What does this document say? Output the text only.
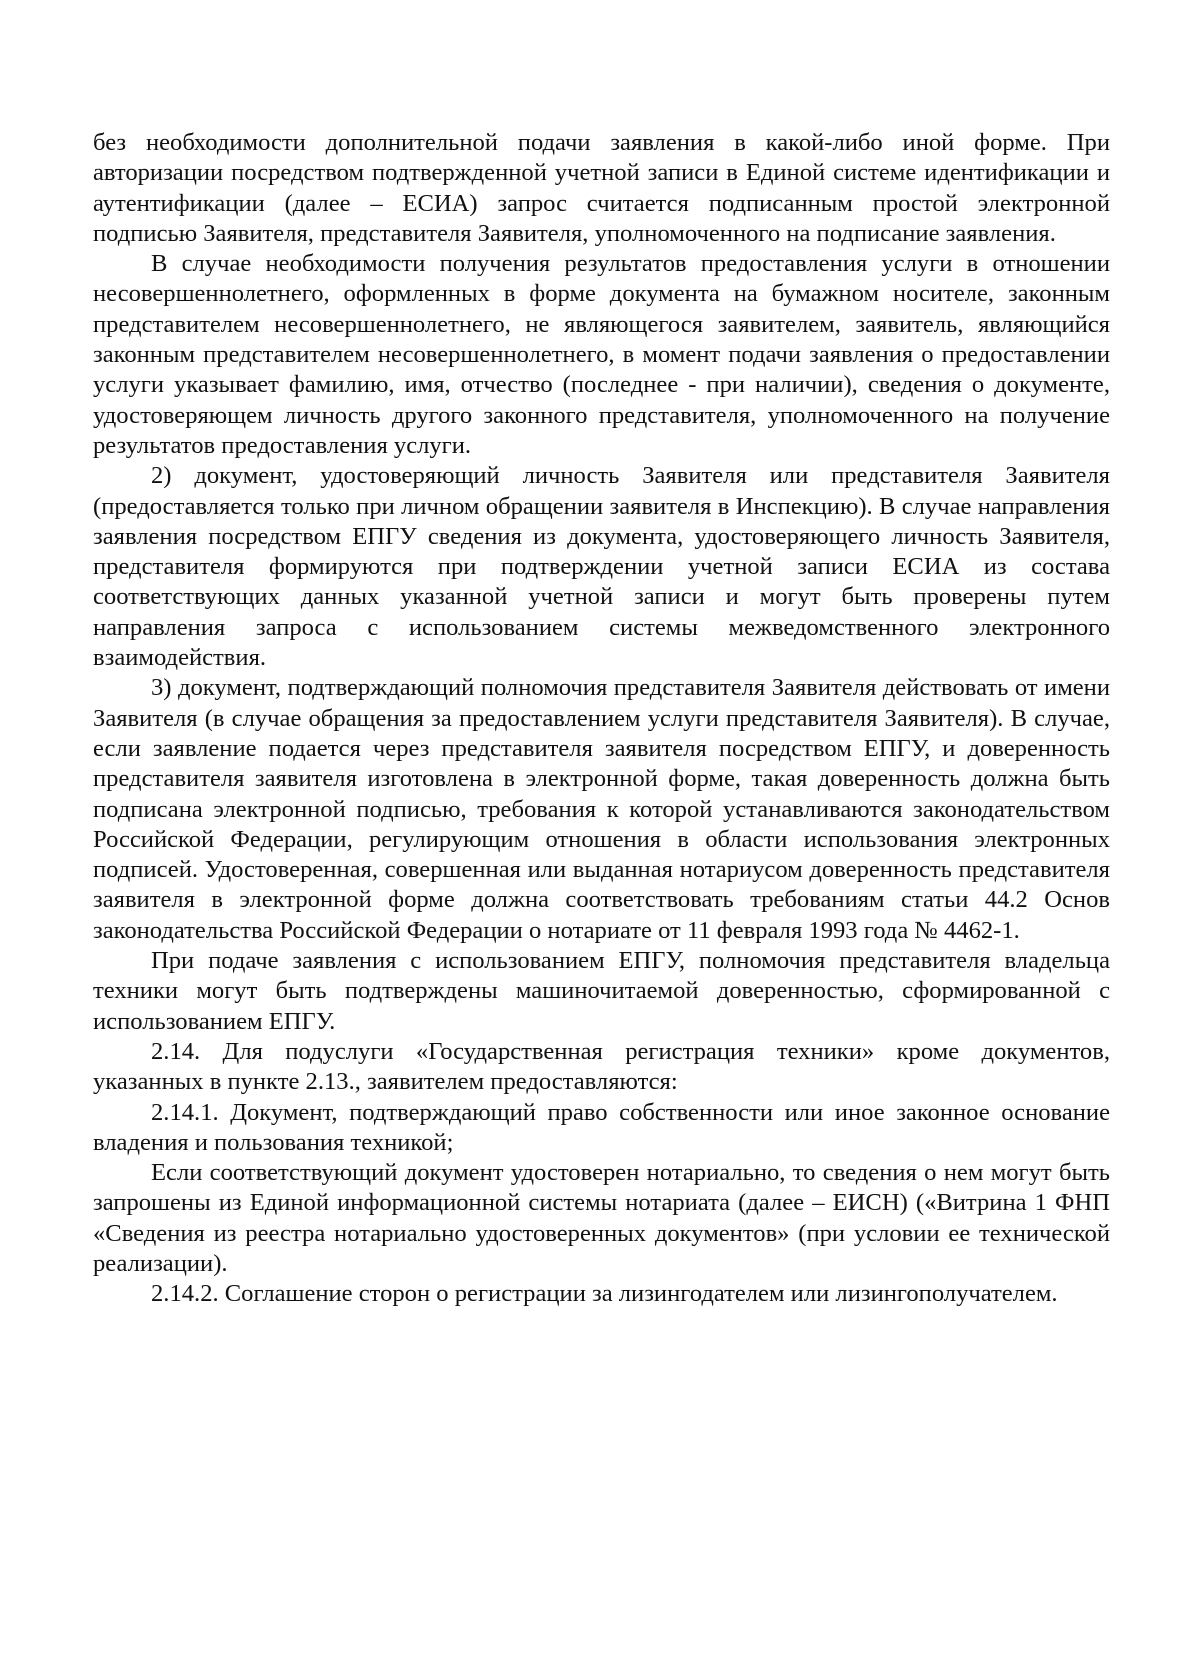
без необходимости дополнительной подачи заявления в какой-либо иной форме. При авторизации посредством подтвержденной учетной записи в Единой системе идентификации и аутентификации (далее – ЕСИА) запрос считается подписанным простой электронной подписью Заявителя, представителя Заявителя, уполномоченного на подписание заявления.

В случае необходимости получения результатов предоставления услуги в отношении несовершеннолетнего, оформленных в форме документа на бумажном носителе, законным представителем несовершеннолетнего, не являющегося заявителем, заявитель, являющийся законным представителем несовершеннолетнего, в момент подачи заявления о предоставлении услуги указывает фамилию, имя, отчество (последнее - при наличии), сведения о документе, удостоверяющем личность другого законного представителя, уполномоченного на получение результатов предоставления услуги.

2) документ, удостоверяющий личность Заявителя или представителя Заявителя (предоставляется только при личном обращении заявителя в Инспекцию). В случае направления заявления посредством ЕПГУ сведения из документа, удостоверяющего личность Заявителя, представителя формируются при подтверждении учетной записи ЕСИА из состава соответствующих данных указанной учетной записи и могут быть проверены путем направления запроса с использованием системы межведомственного электронного взаимодействия.

3) документ, подтверждающий полномочия представителя Заявителя действовать от имени Заявителя (в случае обращения за предоставлением услуги представителя Заявителя). В случае, если заявление подается через представителя заявителя посредством ЕПГУ, и доверенность представителя заявителя изготовлена в электронной форме, такая доверенность должна быть подписана электронной подписью, требования к которой устанавливаются законодательством Российской Федерации, регулирующим отношения в области использования электронных подписей. Удостоверенная, совершенная или выданная нотариусом доверенность представителя заявителя в электронной форме должна соответствовать требованиям статьи 44.2 Основ законодательства Российской Федерации о нотариате от 11 февраля 1993 года № 4462-1.

При подаче заявления с использованием ЕПГУ, полномочия представителя владельца техники могут быть подтверждены машиночитаемой доверенностью, сформированной с использованием ЕПГУ.

2.14. Для подуслуги «Государственная регистрация техники» кроме документов, указанных в пункте 2.13., заявителем предоставляются:

2.14.1. Документ, подтверждающий право собственности или иное законное основание владения и пользования техникой;

Если соответствующий документ удостоверен нотариально, то сведения о нем могут быть запрошены из Единой информационной системы нотариата (далее – ЕИСН) («Витрина 1 ФНП «Сведения из реестра нотариально удостоверенных документов» (при условии ее технической реализации).

2.14.2. Соглашение сторон о регистрации за лизингодателем или лизингополучателем.
